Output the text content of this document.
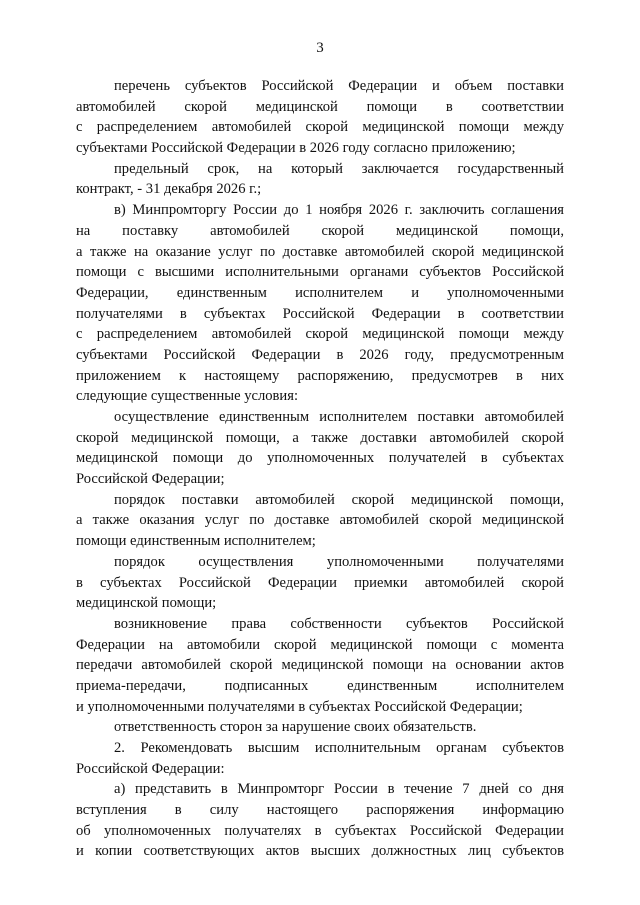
3
перечень субъектов Российской Федерации и объем поставки
автомобилей скорой медицинской помощи в соответствии
с распределением автомобилей скорой медицинской помощи между
субъектами Российской Федерации в 2026 году согласно приложению;
предельный срок, на который заключается государственный
контракт, - 31 декабря 2026 г.;
в) Минпромторгу России до 1 ноября 2026 г. заключить соглашения
на поставку автомобилей скорой медицинской помощи,
а также на оказание услуг по доставке автомобилей скорой медицинской
помощи с высшими исполнительными органами субъектов Российской
Федерации, единственным исполнителем и уполномоченными
получателями в субъектах Российской Федерации в соответствии
с распределением автомобилей скорой медицинской помощи между
субъектами Российской Федерации в 2026 году, предусмотренным
приложением к настоящему распоряжению, предусмотрев в них
следующие существенные условия:
осуществление единственным исполнителем поставки автомобилей
скорой медицинской помощи, а также доставки автомобилей скорой
медицинской помощи до уполномоченных получателей в субъектах
Российской Федерации;
порядок поставки автомобилей скорой медицинской помощи,
а также оказания услуг по доставке автомобилей скорой медицинской
помощи единственным исполнителем;
порядок осуществления уполномоченными получателями
в субъектах Российской Федерации приемки автомобилей скорой
медицинской помощи;
возникновение права собственности субъектов Российской
Федерации на автомобили скорой медицинской помощи с момента
передачи автомобилей скорой медицинской помощи на основании актов
приема-передачи, подписанных единственным исполнителем
и уполномоченными получателями в субъектах Российской Федерации;
ответственность сторон за нарушение своих обязательств.
2. Рекомендовать высшим исполнительным органам субъектов
Российской Федерации:
а) представить в Минпромторг России в течение 7 дней со дня
вступления в силу настоящего распоряжения информацию
об уполномоченных получателях в субъектах Российской Федерации
и копии соответствующих актов высших должностных лиц субъектов
